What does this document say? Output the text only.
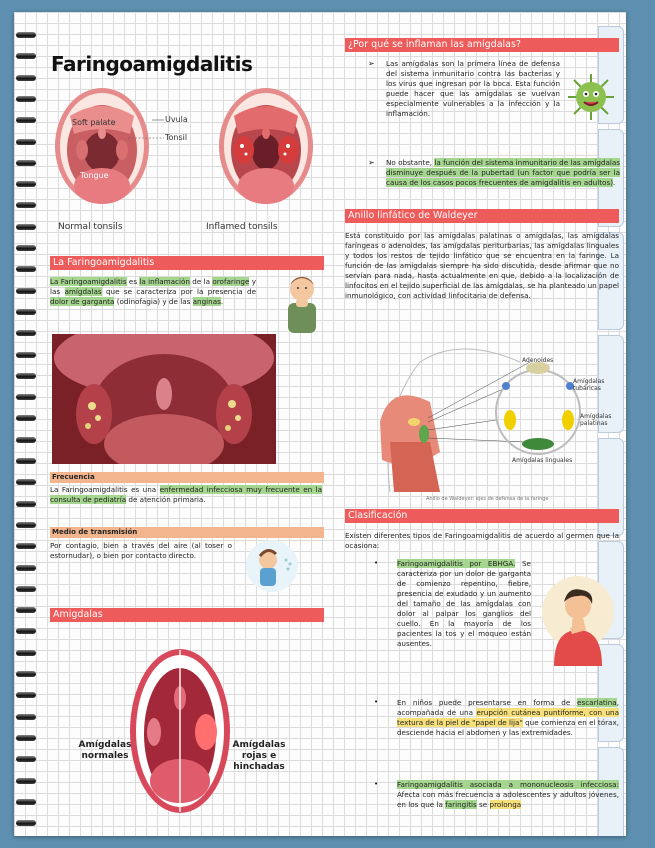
Faringoamigdalitis
Soft palate	Uvula
Tonsil
Tongue
Normal tonsils	Inflamed tonsils
La Faringoamigdalitis
La Faringoamigdalitis es la inflamación de la orofaringe y las amígdalas que se caracteriza por la presencia de dolor de garganta (odinofagia) y de las anginas.
Frecuencia
La Faringoamigdalitis es una enfermedad infecciosa muy frecuente en la consulta de pediatría de atención primaria.
Medio de transmisión
Por contagio, bien a través del aire (al toser o estornudar), o bien por contacto directo.
Amigdalas
Amígdalas normales
Amígdalas rojas e hinchadas
¿Por qué se inflaman las amígdalas?
➢ Las amígdalas son la primera línea de defensa del sistema inmunitario contra las bacterias y los virus que ingresan por la boca. Esta función puede hacer que las amígdalas se vuelvan especialmente vulnerables a la infección y la inflamación.
➢ No obstante, la función del sistema inmunitario de las amígdalas disminuye después de la pubertad (un factor que podría ser la causa de los casos pocos frecuentes de amigdalitis en adultos).
Anillo linfático de Waldeyer
Está constituido por las amígdalas palatinas o amígdalas, las amígdalas faríngeas o adenoides, las amígdalas periturbarias, las amígdalas linguales y todos los restos de tejido linfático que se encuentra en la faringe. La función de las amígdalas siempre ha sido discutida, desde afirmar que no servían para nada, hasta actualmente en que, debido a la localización de linfocitos en el tejido superficial de las amígdalas, se ha planteado un papel inmunológico, con actividad linfocitaria de defensa.
Adenoides
Amígdalas tubáricas
Amígdalas palatinas
Amígdalas linguales
Anillo de Waldeyer: ejes de defensa de la faringe
Clasificación
Existen diferentes tipos de Faringoamigdalitis de acuerdo al germen que la ocasiona:
•	Faringoamigdalitis por EBHGA. Se caracteriza por un dolor de garganta de comienzo repentino, fiebre, presencia de exudado y un aumento del tamaño de las amígdalas con dolor al palpar los ganglios del cuello. En la mayoría de los pacientes la tos y el moqueo están ausentes.
•	En niños puede presentarse en forma de escarlatina, acompañada de una erupción cutánea puntiforme, con una textura de la piel de "papel de lija" que comienza en el tórax, desciende hacia el abdomen y las extremidades.
•	Faringoamigdalitis asociada a mononucleosis infecciosa: Afecta con más frecuencia a adolescentes y adultos jóvenes, en los que la faringitis se prolonga
